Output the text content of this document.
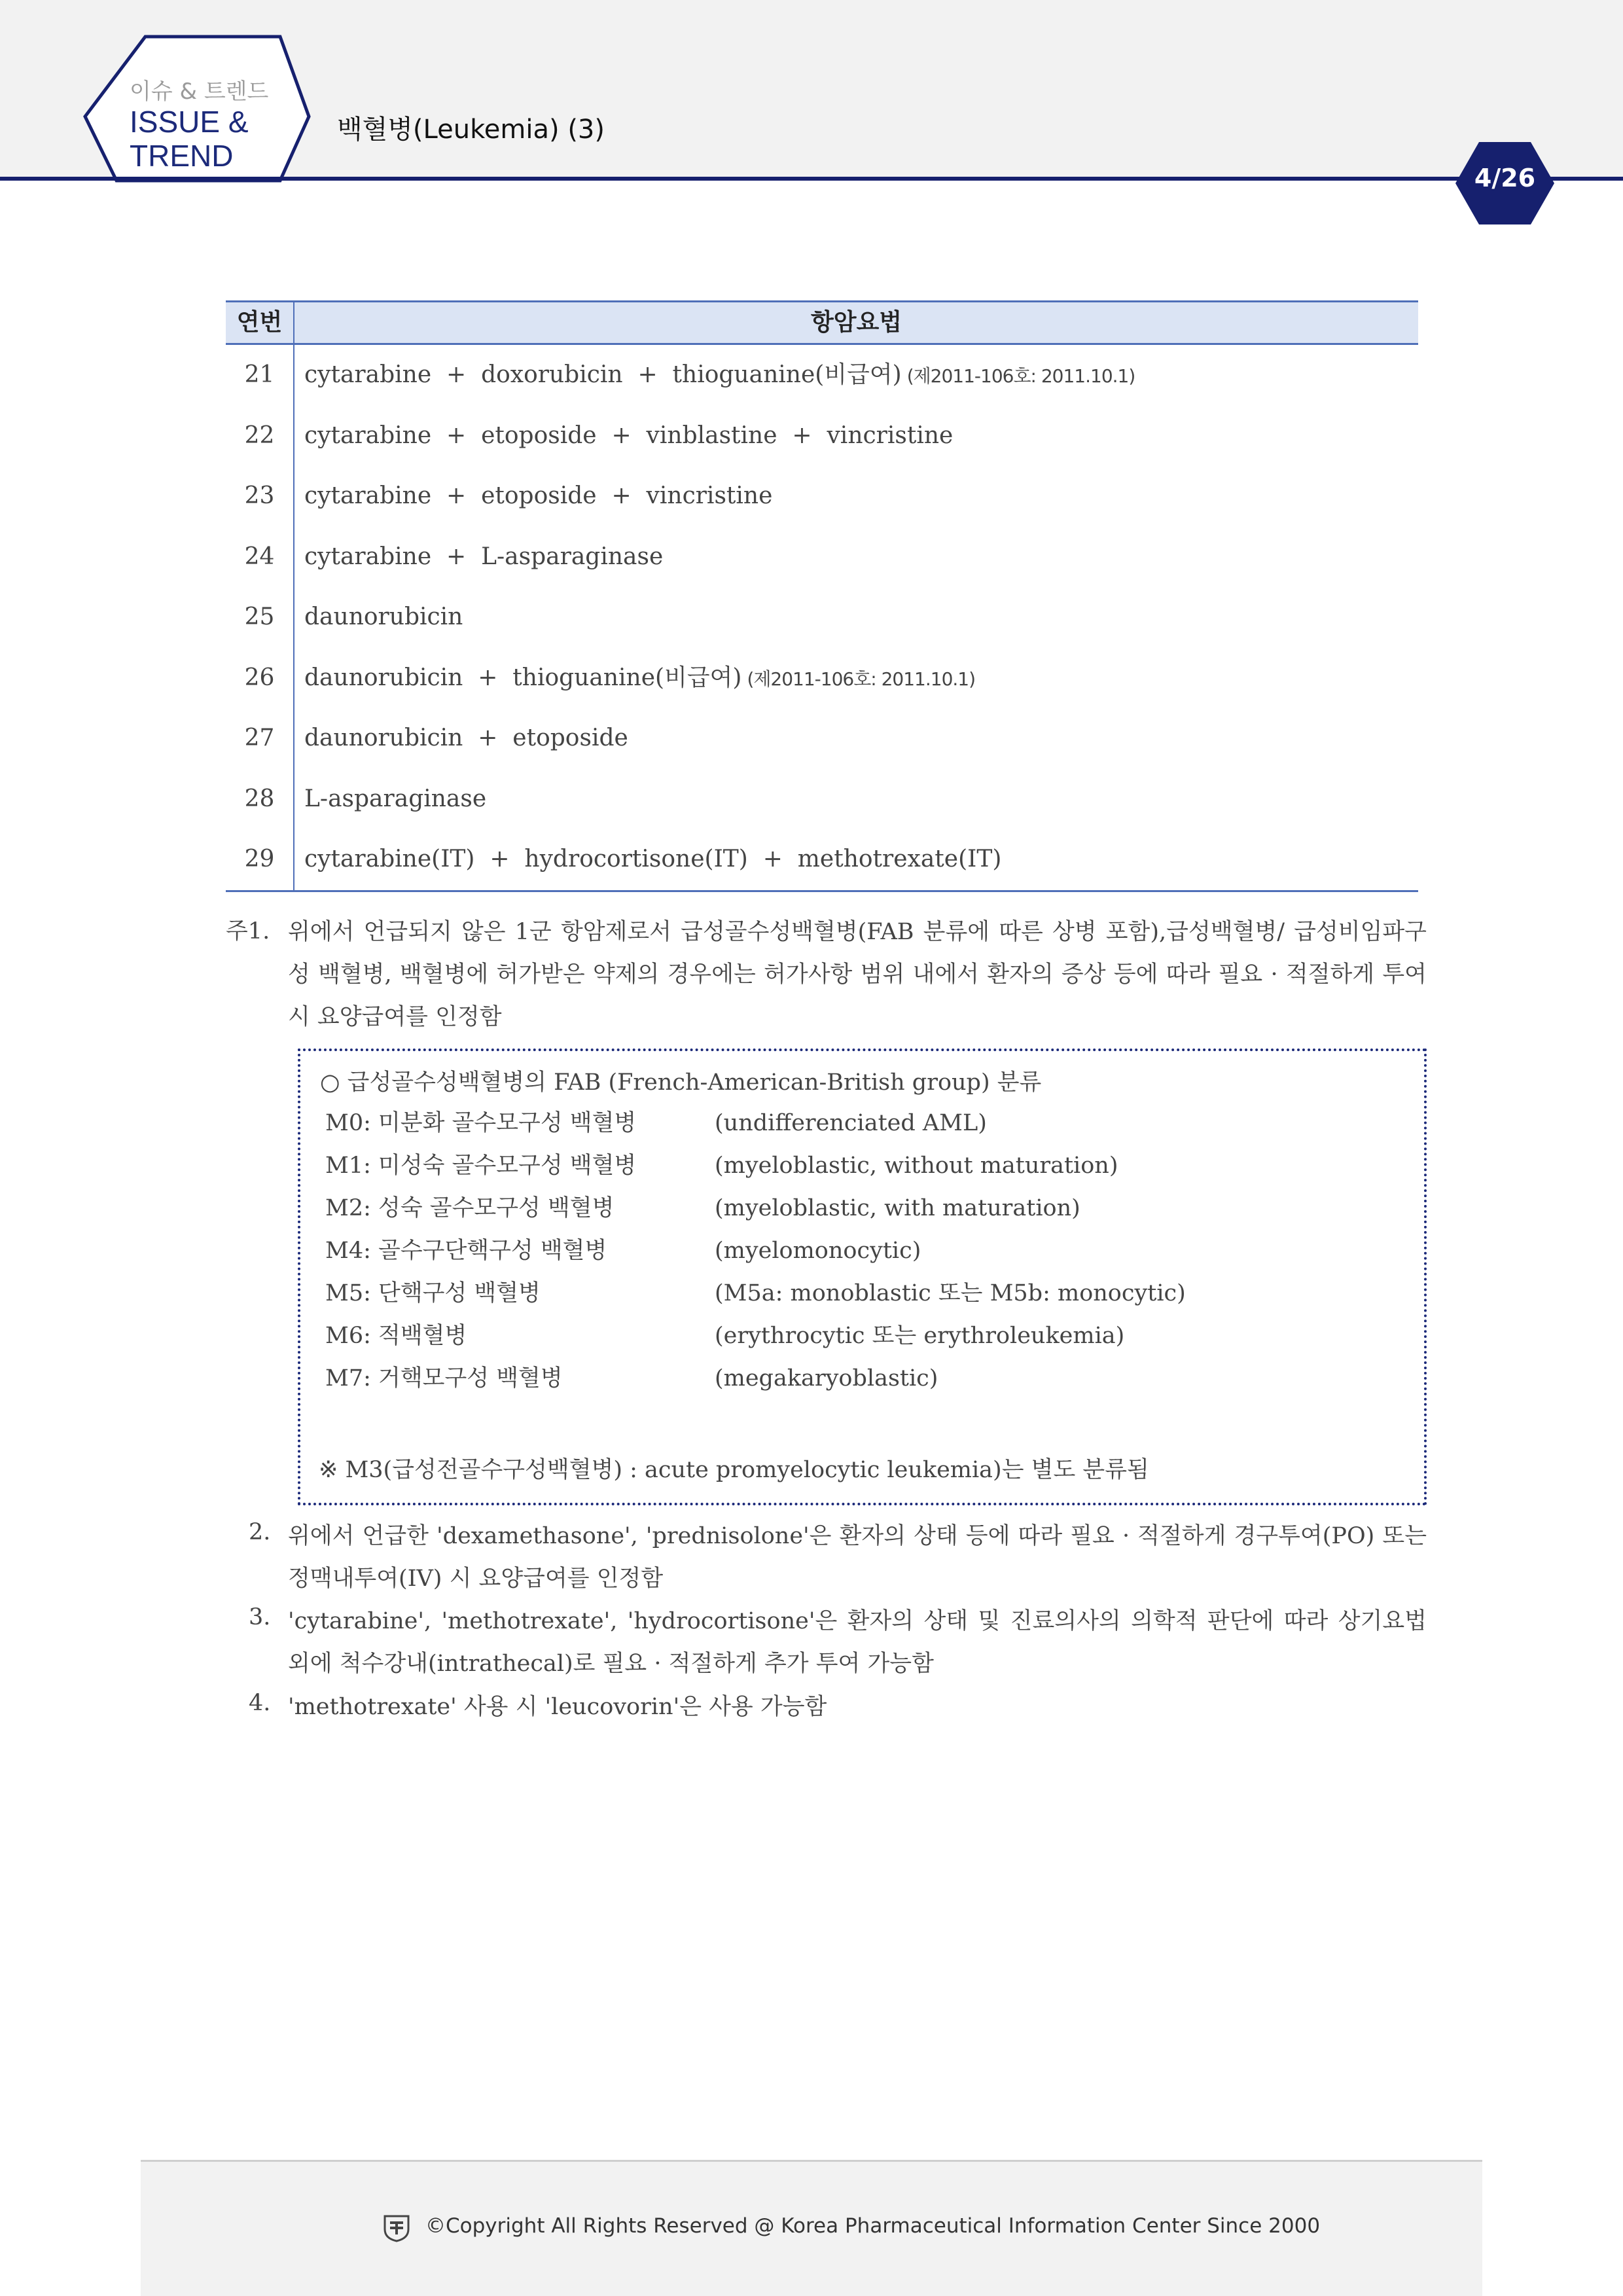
이슈 & 트렌드
ISSUE &
TREND
백혈병(Leukemia) (3)
4/26
연번	항암요법
21	cytarabine  +  doxorubicin  +  thioguanine(비급여) (제2011-106호: 2011.10.1)
22	cytarabine  +  etoposide  +  vinblastine  +  vincristine
23	cytarabine  +  etoposide  +  vincristine
24	cytarabine  +  L-asparaginase
25	daunorubicin
26	daunorubicin  +  thioguanine(비급여) (제2011-106호: 2011.10.1)
27	daunorubicin  +  etoposide
28	L-asparaginase
29	cytarabine(IT)  +  hydrocortisone(IT)  +  methotrexate(IT)
주1. 위에서 언급되지 않은 1군 항암제로서 급성골수성백혈병(FAB 분류에 따른 상병 포함),급성백혈병/ 급성비임파구성 백혈병, 백혈병에 허가받은 약제의 경우에는 허가사항 범위 내에서 환자의 증상 등에 따라 필요 · 적절하게 투여 시 요양급여를 인정함
○ 급성골수성백혈병의 FAB (French-American-British group) 분류
M0: 미분화 골수모구성 백혈병	(undifferenciated AML)
M1: 미성숙 골수모구성 백혈병	(myeloblastic, without maturation)
M2: 성숙 골수모구성 백혈병	(myeloblastic, with maturation)
M4: 골수구단핵구성 백혈병	(myelomonocytic)
M5: 단핵구성 백혈병	(M5a: monoblastic 또는 M5b: monocytic)
M6: 적백혈병	(erythrocytic 또는 erythroleukemia)
M7: 거핵모구성 백혈병	(megakaryoblastic)
※ M3(급성전골수구성백혈병) : acute promyelocytic leukemia)는 별도 분류됨
2. 위에서 언급한 'dexamethasone', 'prednisolone'은 환자의 상태 등에 따라 필요 · 적절하게 경구투여(PO) 또는 정맥내투여(IV) 시 요양급여를 인정함
3. 'cytarabine', 'methotrexate', 'hydrocortisone'은 환자의 상태 및 진료의사의 의학적 판단에 따라 상기요법 외에 척수강내(intrathecal)로 필요 · 적절하게 추가 투여 가능함
4. 'methotrexate' 사용 시 'leucovorin'은 사용 가능함
©Copyright All Rights Reserved @ Korea Pharmaceutical Information Center Since 2000
